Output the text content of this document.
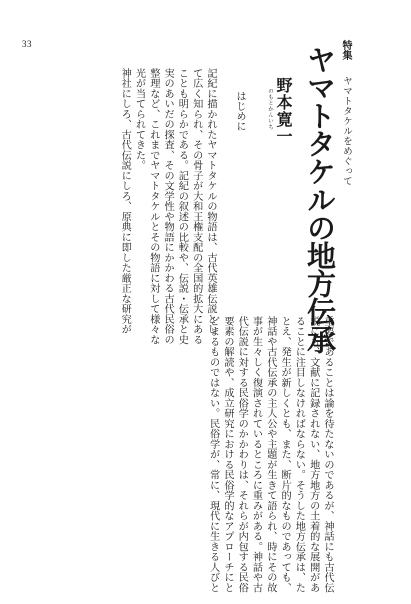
33	特集
ヤマトタケルをめぐって
ヤマトタケルの地方伝承
のもとかんいち 野本寛一
はじめに
記紀に描かれたヤマトタケルの物語は、古代英雄伝説とし
て広く知られ、その骨子が大和王権支配の全国的拡大にある
ことも明らかである。記紀の叙述の比較や、伝説・伝承と史
実のあいだの探査、その文学性や物語にかかわる古代民俗の
整理など、これまでヤマトタケルとその物語に対して様々な
光が当てられてきた。
神社にしろ、古代伝説にしろ、原典に即した厳正な研究が
重要であることは論を待たないのであるが、神話にも古代伝
説にも、文献に記録されない、地方地方の土着的な展開があ
ることに注目しなければならない。そうした地方伝承は、た
とえ、発生が新しくとも、また、断片的なものであっても、
神話や古代伝承の主人公や主題が生きて語られ、時にその故
事が生々しく復演されているところに重みがある。神話や古
代伝説に対する民俗学のかかわりは、それらが内包する民俗
要素の解読や、成立研究における民俗学的なアプローチにと
どまるものではない。民俗学が、常に、現代に生きる人びと
